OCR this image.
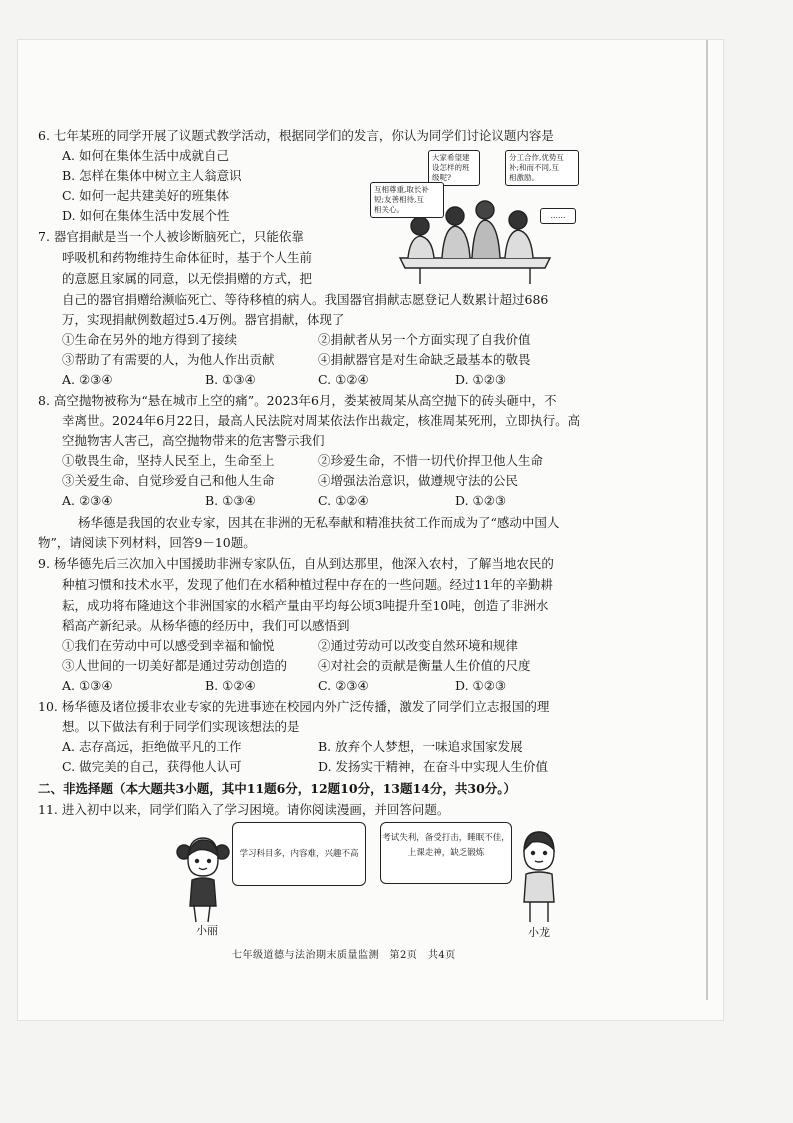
6. 七年某班的同学开展了议题式教学活动，根据同学们的发言，你认为同学们讨论议题内容是
A. 如何在集体生活中成就自己
B. 怎样在集体中树立主人翁意识
C. 如何一起共建美好的班集体
D. 如何在集体生活中发展个性
大家希望建
设怎样的班
级呢?
分工合作,优势互
补;和而不同,互
相激励。
互相尊重,取长补
短;友善相待,互
相关心。
……
7. 器官捐献是当一个人被诊断脑死亡，只能依靠
呼吸机和药物维持生命体征时，基于个人生前
的意愿且家属的同意，以无偿捐赠的方式，把
自己的器官捐赠给濒临死亡、等待移植的病人。我国器官捐献志愿登记人数累计超过686
万，实现捐献例数超过5.4万例。器官捐献，体现了
①生命在另外的地方得到了接续	②捐献者从另一个方面实现了自我价值
③帮助了有需要的人，为他人作出贡献	④捐献器官是对生命缺乏最基本的敬畏
A. ②③④	B. ①③④	C. ①②④	D. ①②③
8. 高空抛物被称为“悬在城市上空的痛”。2023年6月，娄某被周某从高空抛下的砖头砸中，不
幸离世。2024年6月22日，最高人民法院对周某依法作出裁定，核准周某死刑，立即执行。高
空抛物害人害己，高空抛物带来的危害警示我们
①敬畏生命，坚持人民至上，生命至上	②珍爱生命，不惜一切代价捍卫他人生命
③关爱生命、自觉珍爱自己和他人生命	④增强法治意识，做遵规守法的公民
A. ②③④	B. ①③④	C. ①②④	D. ①②③
杨华德是我国的农业专家，因其在非洲的无私奉献和精准扶贫工作而成为了“感动中国人
物”，请阅读下列材料，回答9－10题。
9. 杨华德先后三次加入中国援助非洲专家队伍，自从到达那里，他深入农村，了解当地农民的
种植习惯和技术水平，发现了他们在水稻种植过程中存在的一些问题。经过11年的辛勤耕
耘，成功将布隆迪这个非洲国家的水稻产量由平均每公顷3吨提升至10吨，创造了非洲水
稻高产新纪录。从杨华德的经历中，我们可以感悟到
①我们在劳动中可以感受到幸福和愉悦	②通过劳动可以改变自然环境和规律
③人世间的一切美好都是通过劳动创造的 ④对社会的贡献是衡量人生价值的尺度
A. ①③④	B. ①②④	C. ②③④	D. ①②③
10. 杨华德及诸位援非农业专家的先进事迹在校园内外广泛传播，激发了同学们立志报国的理
想。以下做法有利于同学们实现该想法的是
A. 志存高远，拒绝做平凡的工作	B. 放弃个人梦想，一味追求国家发展
C. 做完美的自己，获得他人认可	D. 发扬实干精神，在奋斗中实现人生价值
二、非选择题（本大题共3小题，其中11题6分，12题10分，13题14分，共30分。）
11. 进入初中以来，同学们陷入了学习困境。请你阅读漫画，并回答问题。
学习科目多，内容难，兴趣不高
考试失利，备受打击，睡眠不佳，
上课走神，缺乏锻炼
小丽	小龙
七年级道德与法治期末质量监测　第2页　共4页
